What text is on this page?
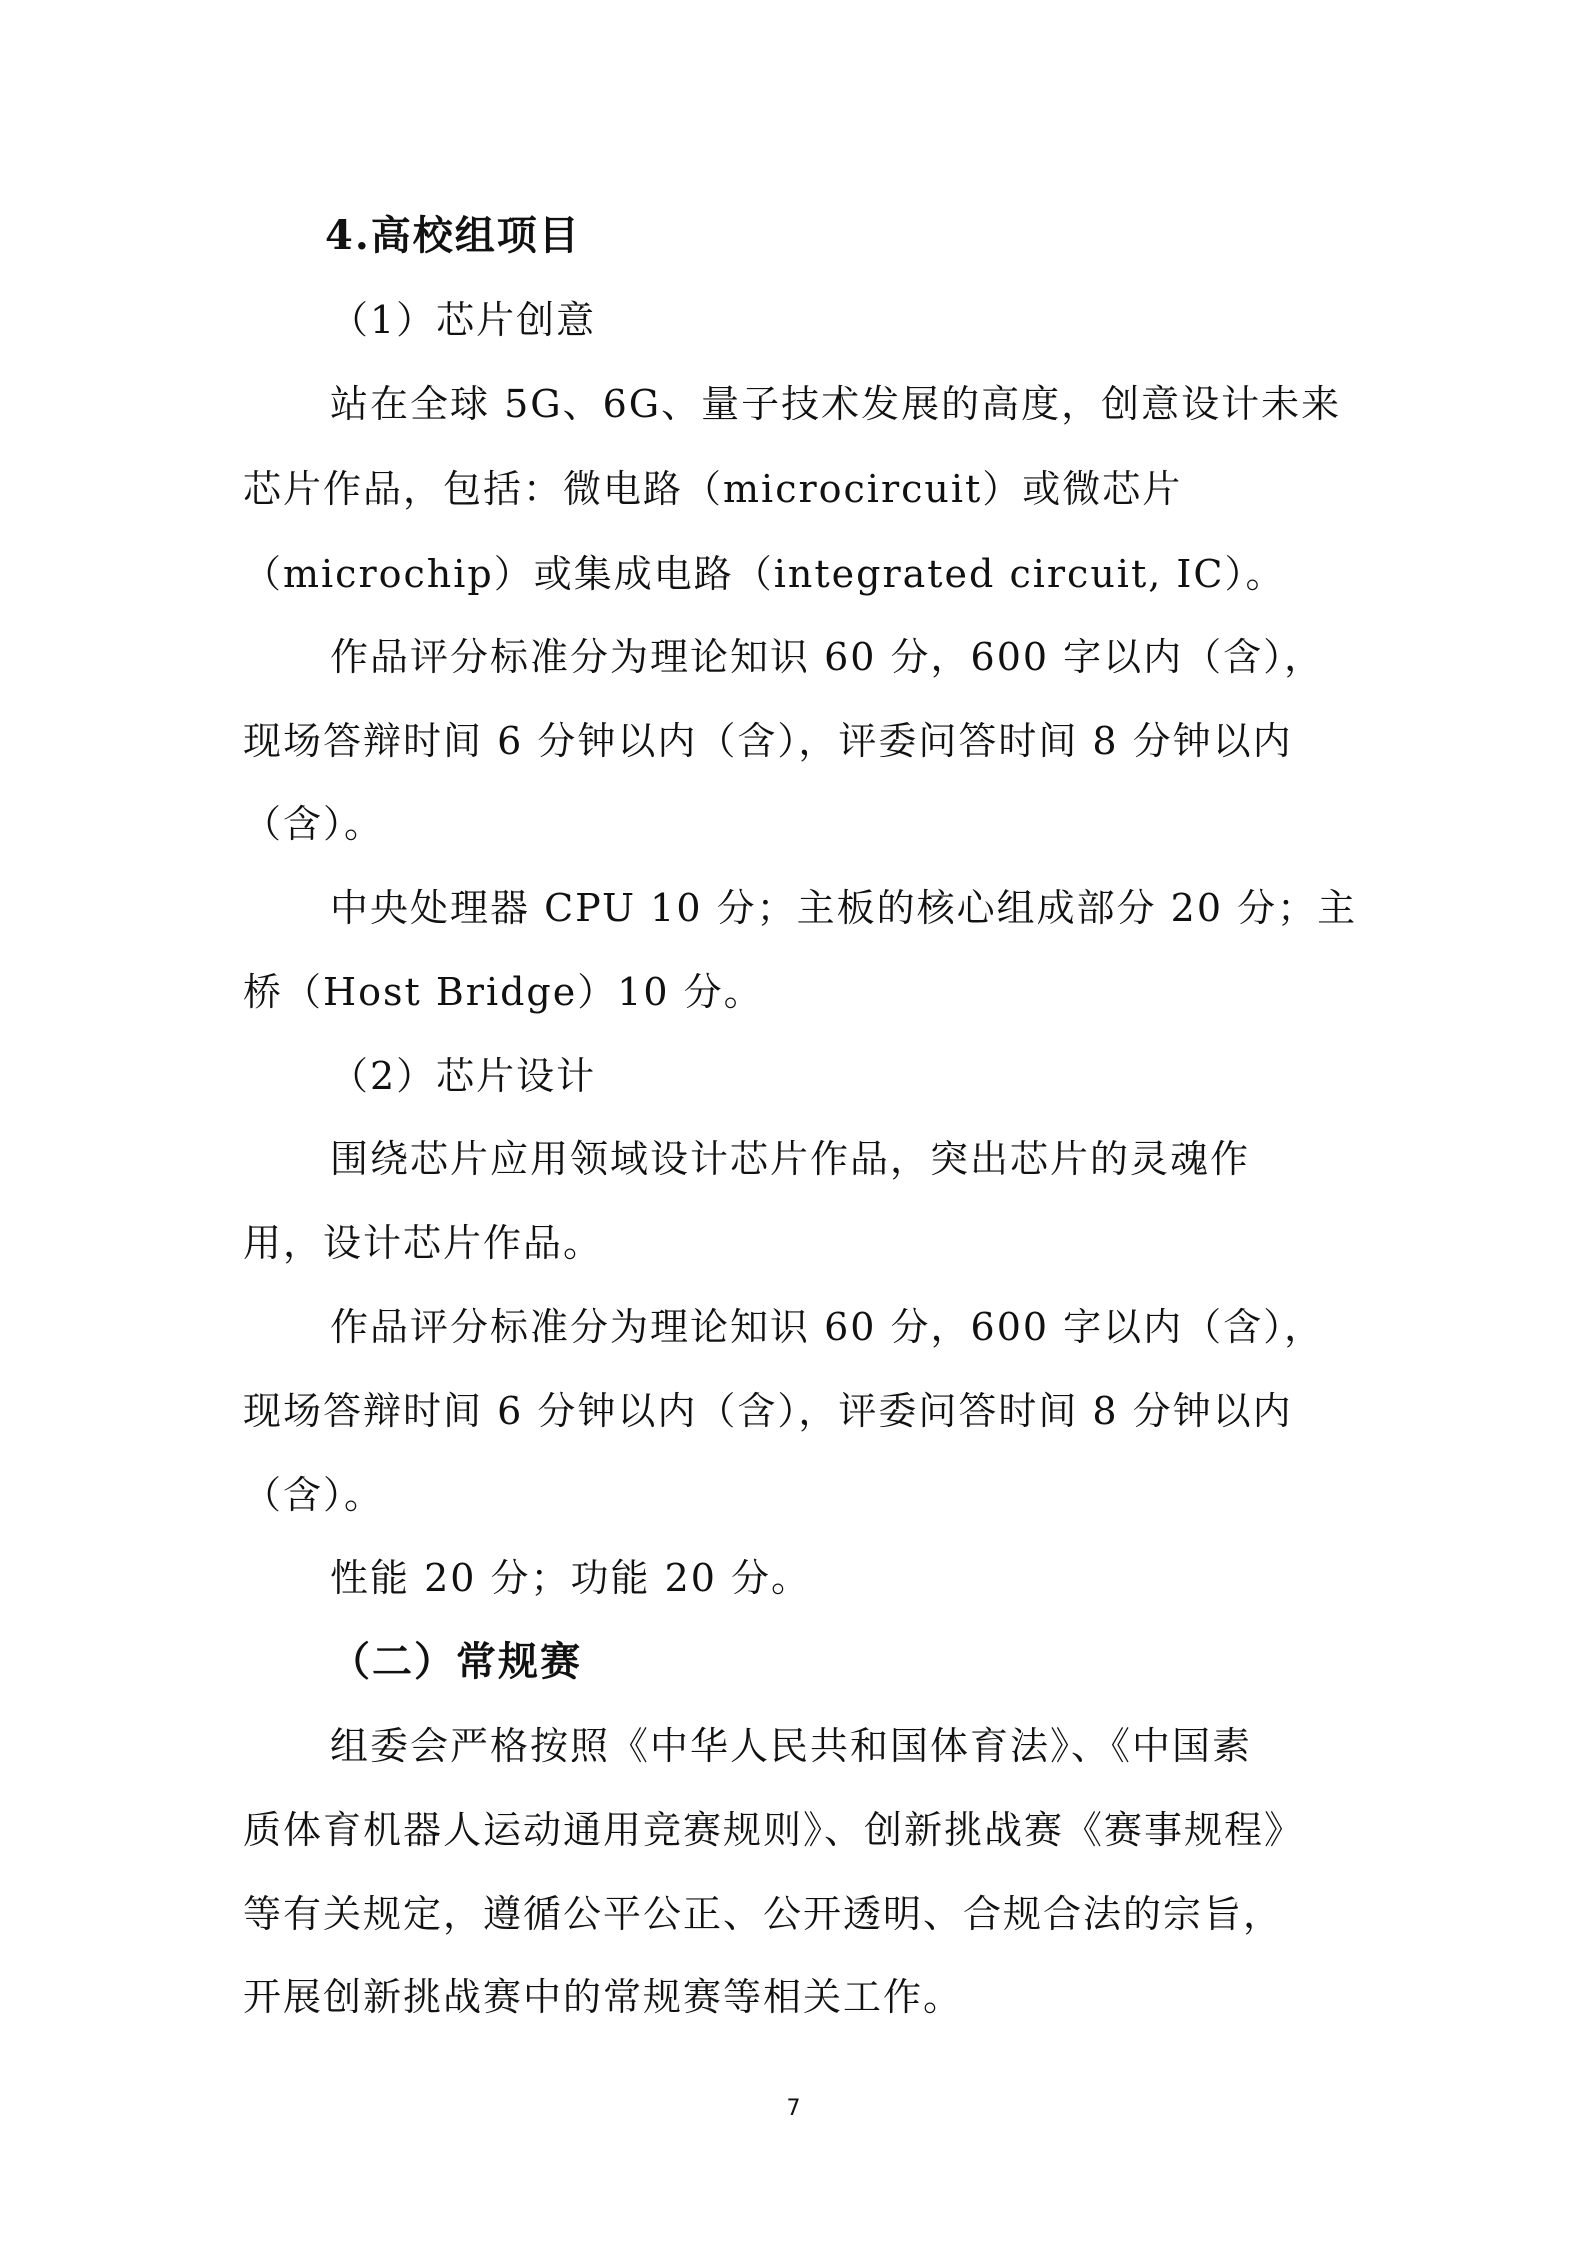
4.高校组项目
（1）芯片创意
站在全球 5G、6G、量子技术发展的高度，创意设计未来
芯片作品，包括：微电路（microcircuit）或微芯片
（microchip）或集成电路（integrated circuit, IC）。
作品评分标准分为理论知识 60 分，600 字以内（含），
现场答辩时间 6 分钟以内（含），评委问答时间 8 分钟以内
（含）。
中央处理器 CPU 10 分；主板的核心组成部分 20 分；主
桥（Host Bridge）10 分。
（2）芯片设计
围绕芯片应用领域设计芯片作品，突出芯片的灵魂作
用，设计芯片作品。
作品评分标准分为理论知识 60 分，600 字以内（含），
现场答辩时间 6 分钟以内（含），评委问答时间 8 分钟以内
（含）。
性能 20 分；功能 20 分。
（二）常规赛
组委会严格按照《中华人民共和国体育法》、《中国素
质体育机器人运动通用竞赛规则》、创新挑战赛《赛事规程》
等有关规定，遵循公平公正、公开透明、合规合法的宗旨，
开展创新挑战赛中的常规赛等相关工作。
7
